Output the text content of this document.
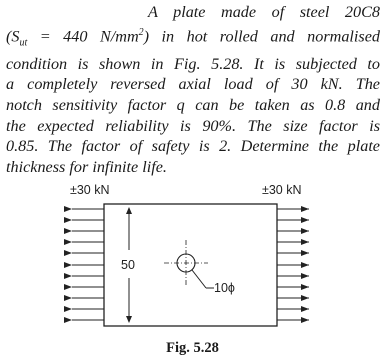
A plate made of steel 20C8
($S_{ut} = 440$ $N/mm^2$) in hot rolled and normalised
condition is shown in Fig. 5.28. It is subjected to
a completely reversed axial load of 30 kN. The
notch sensitivity factor q can be taken as 0.8 and
the expected reliability is 90%. The size factor is
0.85. The factor of safety is 2. Determine the plate
thickness for infinite life.
±30 kN	±30 kN
50
10ϕ
Fig. 5.28
